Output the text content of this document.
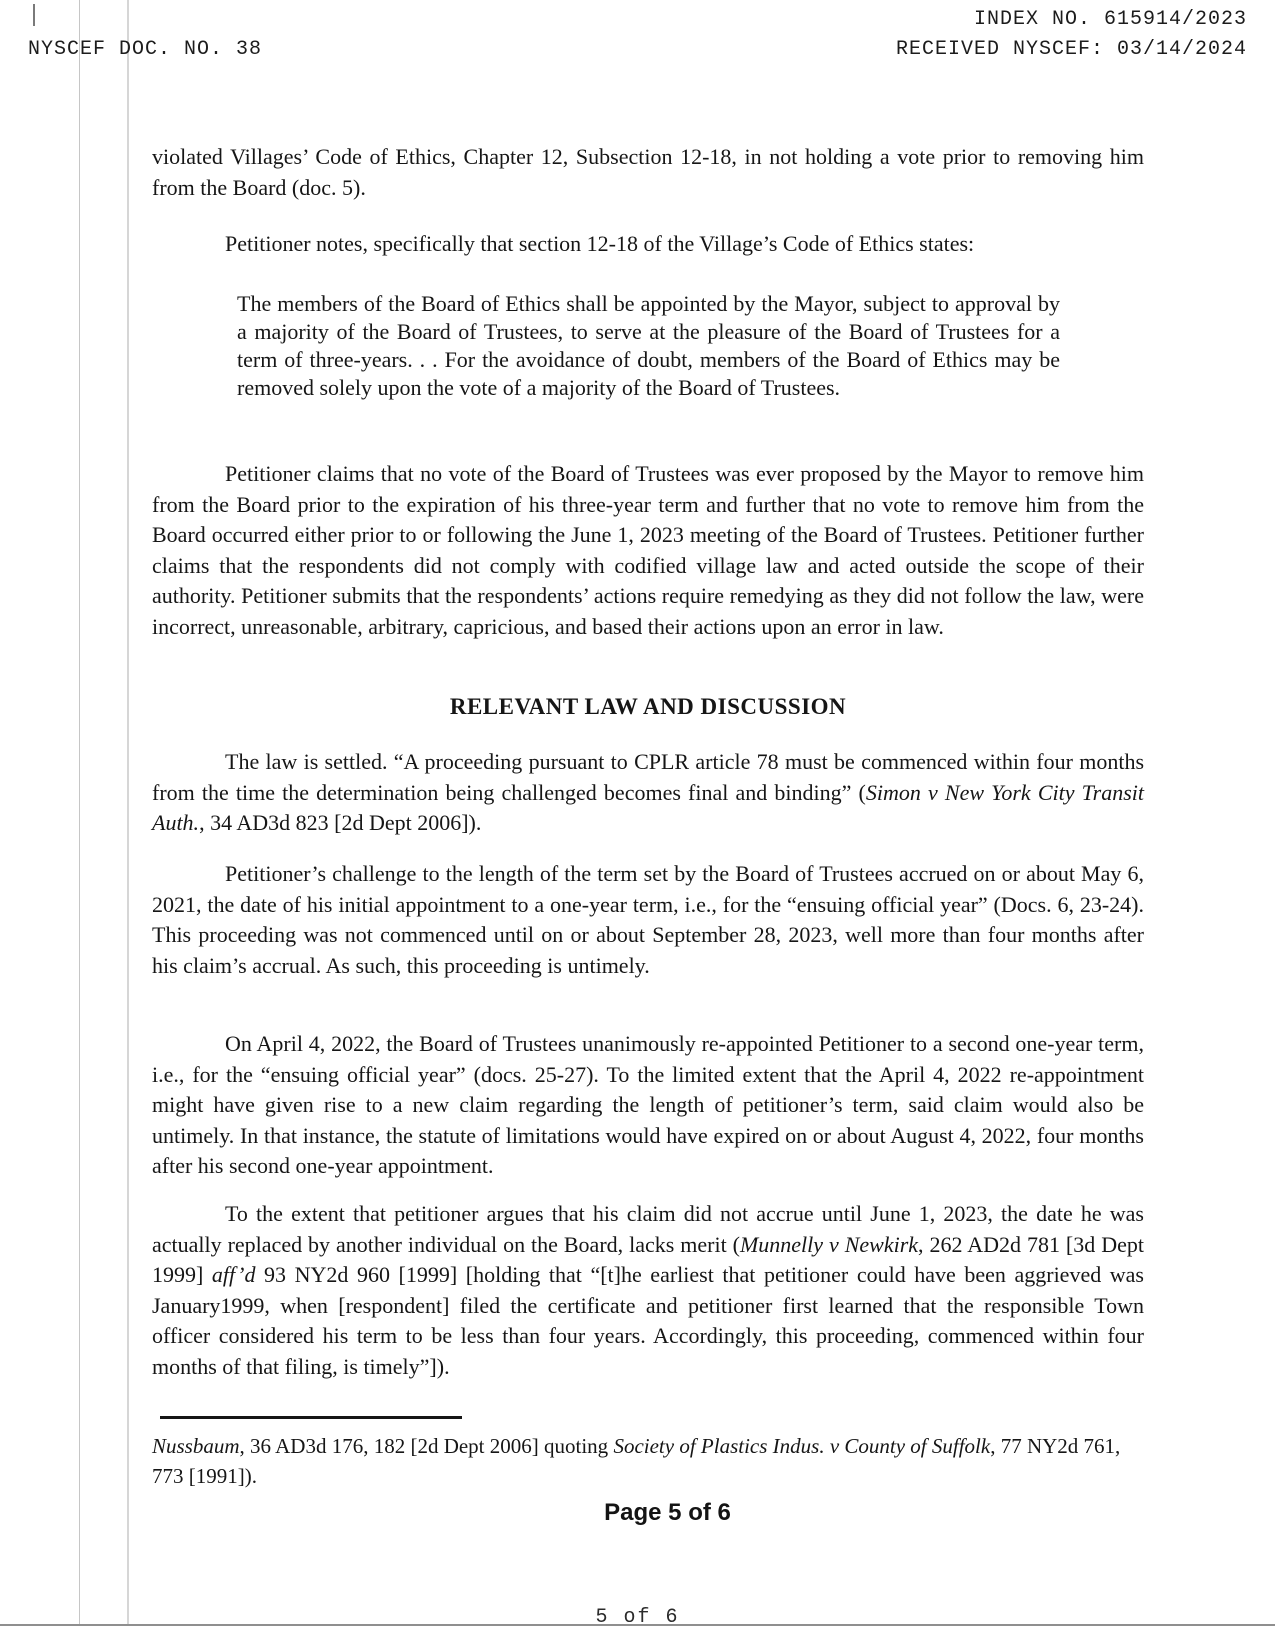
INDEX NO. 615914/2023
NYSCEF DOC. NO. 38	RECEIVED NYSCEF: 03/14/2024

violated Villages’ Code of Ethics, Chapter 12, Subsection 12-18, in not holding a vote prior to removing him from the Board (doc. 5).

Petitioner notes, specifically that section 12-18 of the Village’s Code of Ethics states:

The members of the Board of Ethics shall be appointed by the Mayor, subject to approval by a majority of the Board of Trustees, to serve at the pleasure of the Board of Trustees for a term of three-years. . . For the avoidance of doubt, members of the Board of Ethics may be removed solely upon the vote of a majority of the Board of Trustees.

Petitioner claims that no vote of the Board of Trustees was ever proposed by the Mayor to remove him from the Board prior to the expiration of his three-year term and further that no vote to remove him from the Board occurred either prior to or following the June 1, 2023 meeting of the Board of Trustees. Petitioner further claims that the respondents did not comply with codified village law and acted outside the scope of their authority. Petitioner submits that the respondents’ actions require remedying as they did not follow the law, were incorrect, unreasonable, arbitrary, capricious, and based their actions upon an error in law.

RELEVANT LAW AND DISCUSSION

The law is settled. “A proceeding pursuant to CPLR article 78 must be commenced within four months from the time the determination being challenged becomes final and binding” (Simon v New York City Transit Auth., 34 AD3d 823 [2d Dept 2006]).

Petitioner’s challenge to the length of the term set by the Board of Trustees accrued on or about May 6, 2021, the date of his initial appointment to a one-year term, i.e., for the “ensuing official year” (Docs. 6, 23-24). This proceeding was not commenced until on or about September 28, 2023, well more than four months after his claim’s accrual. As such, this proceeding is untimely.

On April 4, 2022, the Board of Trustees unanimously re-appointed Petitioner to a second one-year term, i.e., for the “ensuing official year” (docs. 25-27). To the limited extent that the April 4, 2022 re-appointment might have given rise to a new claim regarding the length of petitioner’s term, said claim would also be untimely. In that instance, the statute of limitations would have expired on or about August 4, 2022, four months after his second one-year appointment.

To the extent that petitioner argues that his claim did not accrue until June 1, 2023, the date he was actually replaced by another individual on the Board, lacks merit (Munnelly v Newkirk, 262 AD2d 781 [3d Dept 1999] aff’d 93 NY2d 960 [1999] [holding that “[t]he earliest that petitioner could have been aggrieved was January1999, when [respondent] filed the certificate and petitioner first learned that the responsible Town officer considered his term to be less than four years. Accordingly, this proceeding, commenced within four months of that filing, is timely”]).

Nussbaum, 36 AD3d 176, 182 [2d Dept 2006] quoting Society of Plastics Indus. v County of Suffolk, 77 NY2d 761, 773 [1991]).

Page 5 of 6
5 of 6
